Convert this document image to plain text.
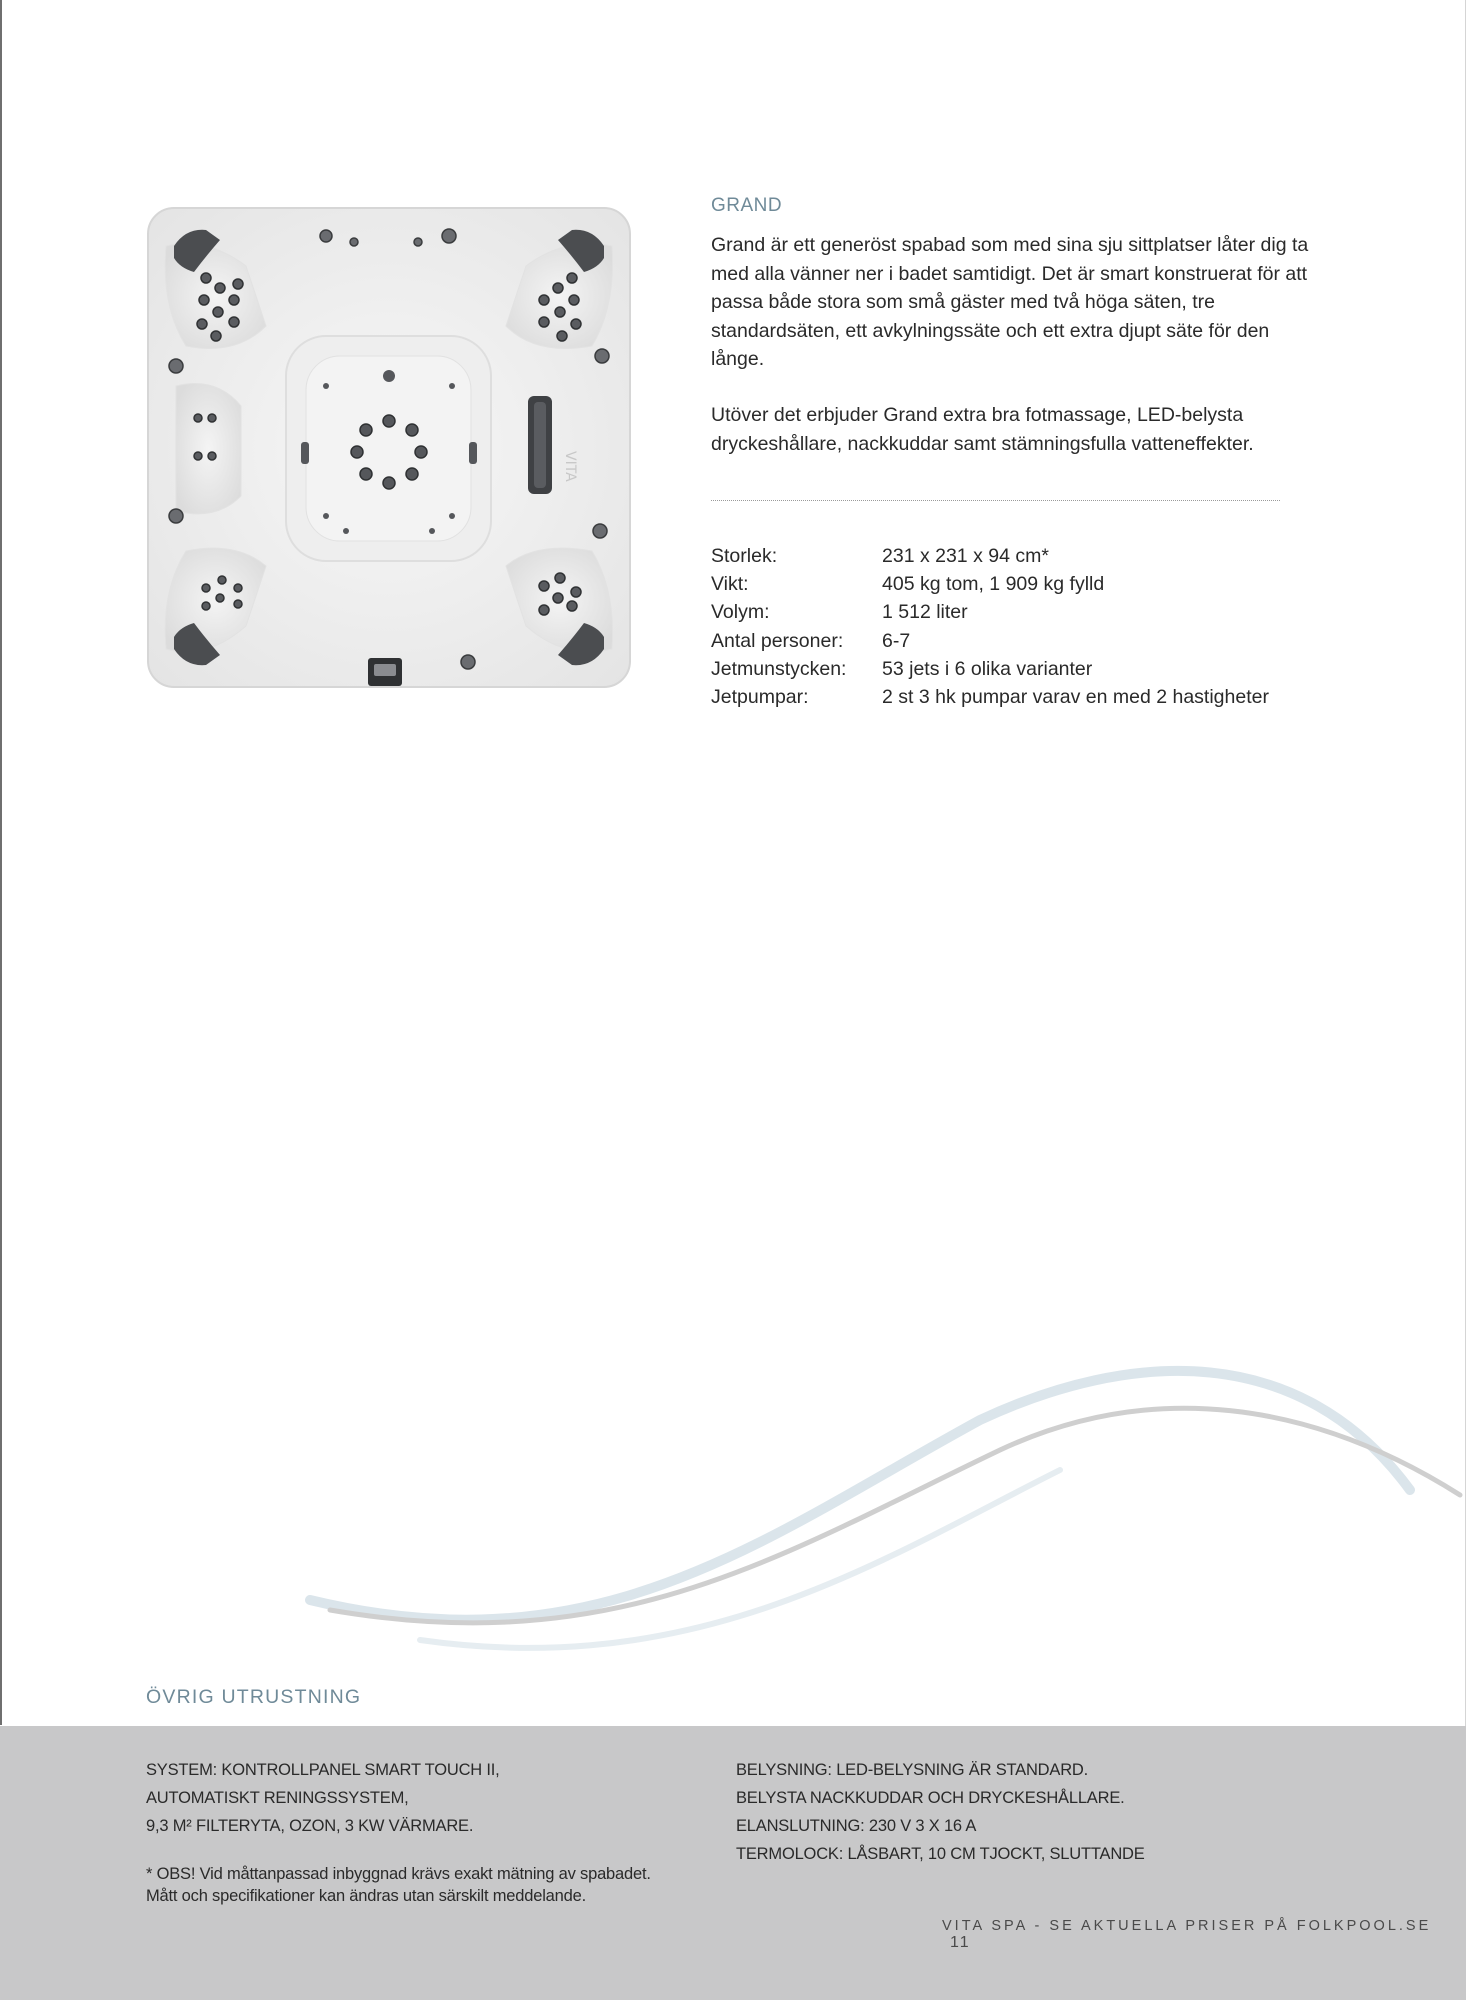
VITA
GRAND

Grand är ett generöst spabad som med sina sju sittplatser låter dig ta med alla vänner ner i badet samtidigt. Det är smart konstruerat för att passa både stora som små gäster med två höga säten, tre standardsäten, ett avkylningssäte och ett extra djupt säte för den långe.

Utöver det erbjuder Grand extra bra fotmassage, LED-belysta dryckeshållare, nackkuddar samt stämningsfulla vatteneffekter.

Storlek:	231 x 231 x 94 cm*
Vikt:	405 kg tom, 1 909 kg fylld
Volym:	1 512 liter
Antal personer:	6-7
Jetmunstycken:	53 jets i 6 olika varianter
Jetpumpar:	2 st 3 hk pumpar varav en med 2 hastigheter
ÖVRIG UTRUSTNING
SYSTEM: KONTROLLPANEL SMART TOUCH II,
AUTOMATISKT RENINGSSYSTEM,
9,3 M² FILTERYTA, OZON, 3 KW VÄRMARE.
* OBS! Vid måttanpassad inbyggnad krävs exakt mätning av spabadet. Mått och specifikationer kan ändras utan särskilt meddelande.
BELYSNING: LED-BELYSNING ÄR STANDARD.
BELYSTA NACKKUDDAR OCH DRYCKESHÅLLARE.
ELANSLUTNING: 230 V 3 X 16 A
TERMOLOCK: LÅSBART, 10 CM TJOCKT, SLUTTANDE
VITA SPA - SE AKTUELLA PRISER PÅ FOLKPOOL.SE 11
